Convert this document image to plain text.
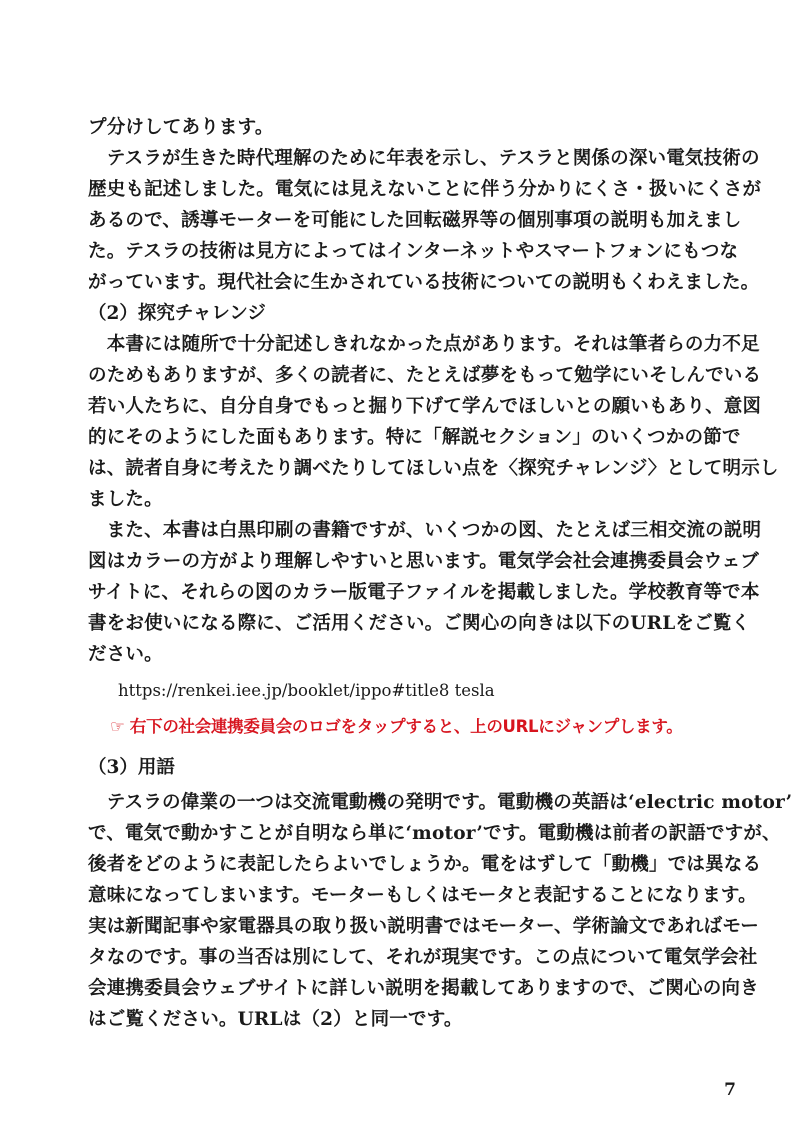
プ分けしてあります。
　テスラが生きた時代理解のために年表を示し、テスラと関係の深い電気技術の
歴史も記述しました。電気には見えないことに伴う分かりにくさ・扱いにくさが
あるので、誘導モーターを可能にした回転磁界等の個別事項の説明も加えまし
た。テスラの技術は見方によってはインターネットやスマートフォンにもつな
がっています。現代社会に生かされている技術についての説明もくわえました。
（2）探究チャレンジ
　本書には随所で十分記述しきれなかった点があります。それは筆者らの力不足
のためもありますが、多くの読者に、たとえば夢をもって勉学にいそしんでいる
若い人たちに、自分自身でもっと掘り下げて学んでほしいとの願いもあり、意図
的にそのようにした面もあります。特に「解説セクション」のいくつかの節で
は、読者自身に考えたり調べたりしてほしい点を〈探究チャレンジ〉として明示し
ました。
　また、本書は白黒印刷の書籍ですが、いくつかの図、たとえば三相交流の説明
図はカラーの方がより理解しやすいと思います。電気学会社会連携委員会ウェブ
サイトに、それらの図のカラー版電子ファイルを掲載しました。学校教育等で本
書をお使いになる際に、ご活用ください。ご関心の向きは以下のURLをご覧く
ださい。
https://renkei.iee.jp/booklet/ippo#title8 tesla
☞ 右下の社会連携委員会のロゴをタップすると、上のURLにジャンプします。
（3）用語
　テスラの偉業の一つは交流電動機の発明です。電動機の英語は‘electric motor’
で、電気で動かすことが自明なら単に‘motor’です。電動機は前者の訳語ですが、
後者をどのように表記したらよいでしょうか。電をはずして「動機」では異なる
意味になってしまいます。モーターもしくはモータと表記することになります。
実は新聞記事や家電器具の取り扱い説明書ではモーター、学術論文であればモー
タなのです。事の当否は別にして、それが現実です。この点について電気学会社
会連携委員会ウェブサイトに詳しい説明を掲載してありますので、ご関心の向き
はご覧ください。URLは（2）と同一です。
7
